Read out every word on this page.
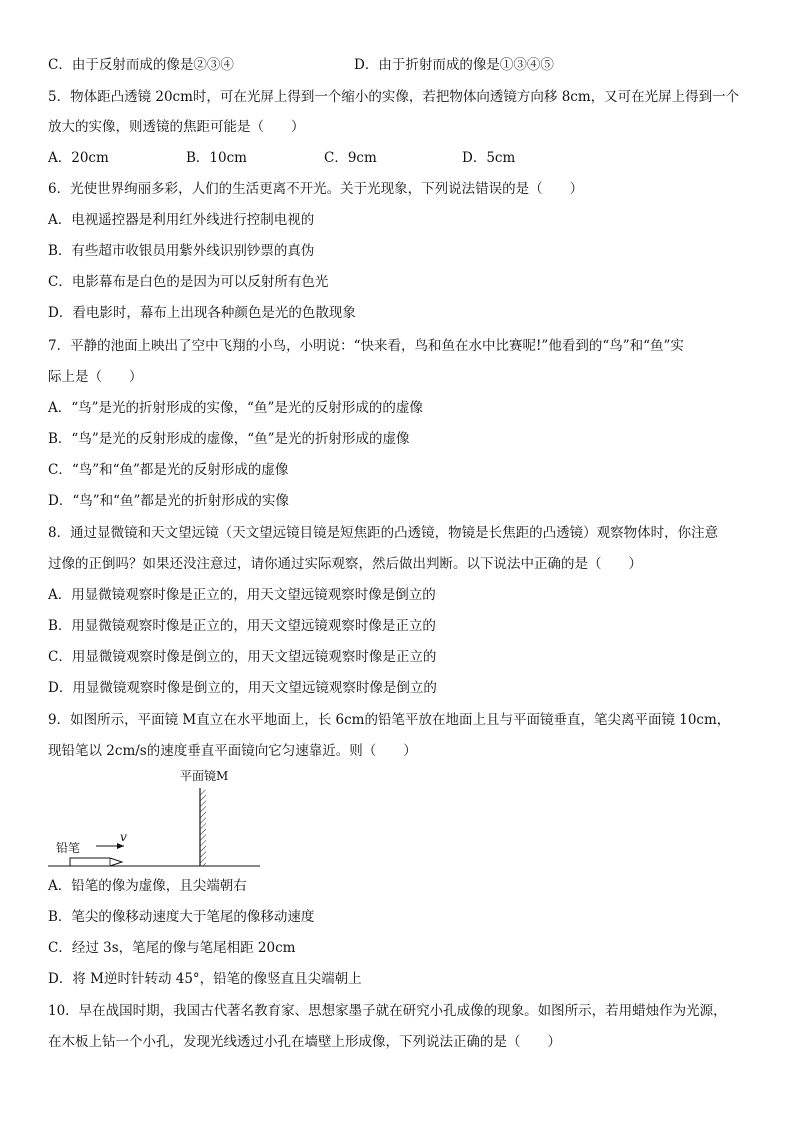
C．由于反射而成的像是②③④	D．由于折射而成的像是①③④⑤
5．物体距凸透镜 20cm时，可在光屏上得到一个缩小的实像，若把物体向透镜方向移 8cm，又可在光屏上得到一个
放大的实像，则透镜的焦距可能是（　　）
A．20cm	B．10cm	C．9cm	D．5cm
6．光使世界绚丽多彩，人们的生活更离不开光。关于光现象，下列说法错误的是（　　）
A．电视遥控器是利用红外线进行控制电视的
B．有些超市收银员用紫外线识别钞票的真伪
C．电影幕布是白色的是因为可以反射所有色光
D．看电影时，幕布上出现各种颜色是光的色散现象
7．平静的池面上映出了空中飞翔的小鸟，小明说：“快来看，鸟和鱼在水中比赛呢!”他看到的“鸟”和“鱼”实
际上是（　　）
A．“鸟”是光的折射形成的实像，“鱼”是光的反射形成的的虚像
B．“鸟”是光的反射形成的虚像，“鱼”是光的折射形成的虚像
C．“鸟”和“鱼”都是光的反射形成的虚像
D．“鸟”和“鱼”都是光的折射形成的实像
8．通过显微镜和天文望远镜（天文望远镜目镜是短焦距的凸透镜，物镜是长焦距的凸透镜）观察物体时，你注意
过像的正倒吗？如果还没注意过，请你通过实际观察，然后做出判断。以下说法中正确的是（　　）
A．用显微镜观察时像是正立的，用天文望远镜观察时像是倒立的
B．用显微镜观察时像是正立的，用天文望远镜观察时像是正立的
C．用显微镜观察时像是倒立的，用天文望远镜观察时像是正立的
D．用显微镜观察时像是倒立的，用天文望远镜观察时像是倒立的
9．如图所示，平面镜 M直立在水平地面上，长 6cm的铅笔平放在地面上且与平面镜垂直，笔尖离平面镜 10cm，
现铅笔以 2cm/s的速度垂直平面镜向它匀速靠近。则（　　）
平面镜M
铅笔
v
A．铅笔的像为虚像，且尖端朝右
B．笔尖的像移动速度大于笔尾的像移动速度
C．经过 3s，笔尾的像与笔尾相距 20cm
D．将 M逆时针转动 45°，铅笔的像竖直且尖端朝上
10．早在战国时期，我国古代著名教育家、思想家墨子就在研究小孔成像的现象。如图所示，若用蜡烛作为光源，
在木板上钻一个小孔，发现光线透过小孔在墙壁上形成像，下列说法正确的是（　　）
